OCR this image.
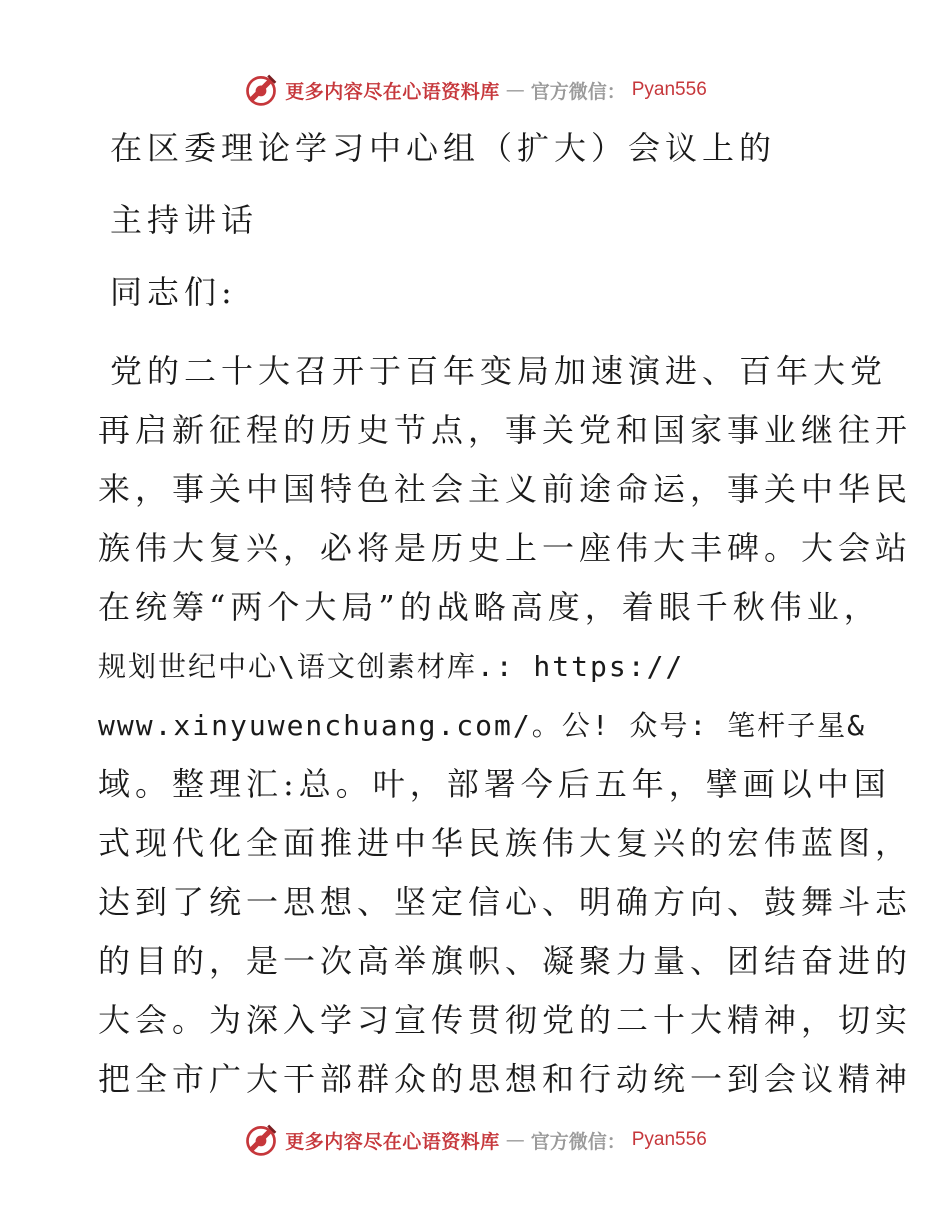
更多内容尽在心语资料库 — 官方微信： Pyan556
在区委理论学习中心组（扩大）会议上的
主持讲话
同志们:
党的二十大召开于百年变局加速演进、百年大党
再启新征程的历史节点，事关党和国家事业继往开
来，事关中国特色社会主义前途命运，事关中华民
族伟大复兴，必将是历史上一座伟大丰碑。大会站
在统筹“两个大局”的战略高度，着眼千秋伟业，
规划世纪中心\语文创素材库.: https://
www.xinyuwenchuang.com/。公! 众号: 笔杆子星&
域。整理汇:总。叶，部署今后五年，擘画以中国
式现代化全面推进中华民族伟大复兴的宏伟蓝图，
达到了统一思想、坚定信心、明确方向、鼓舞斗志
的目的，是一次高举旗帜、凝聚力量、团结奋进的
大会。为深入学习宣传贯彻党的二十大精神，切实
把全市广大干部群众的思想和行动统一到会议精神
更多内容尽在心语资料库 — 官方微信： Pyan556
